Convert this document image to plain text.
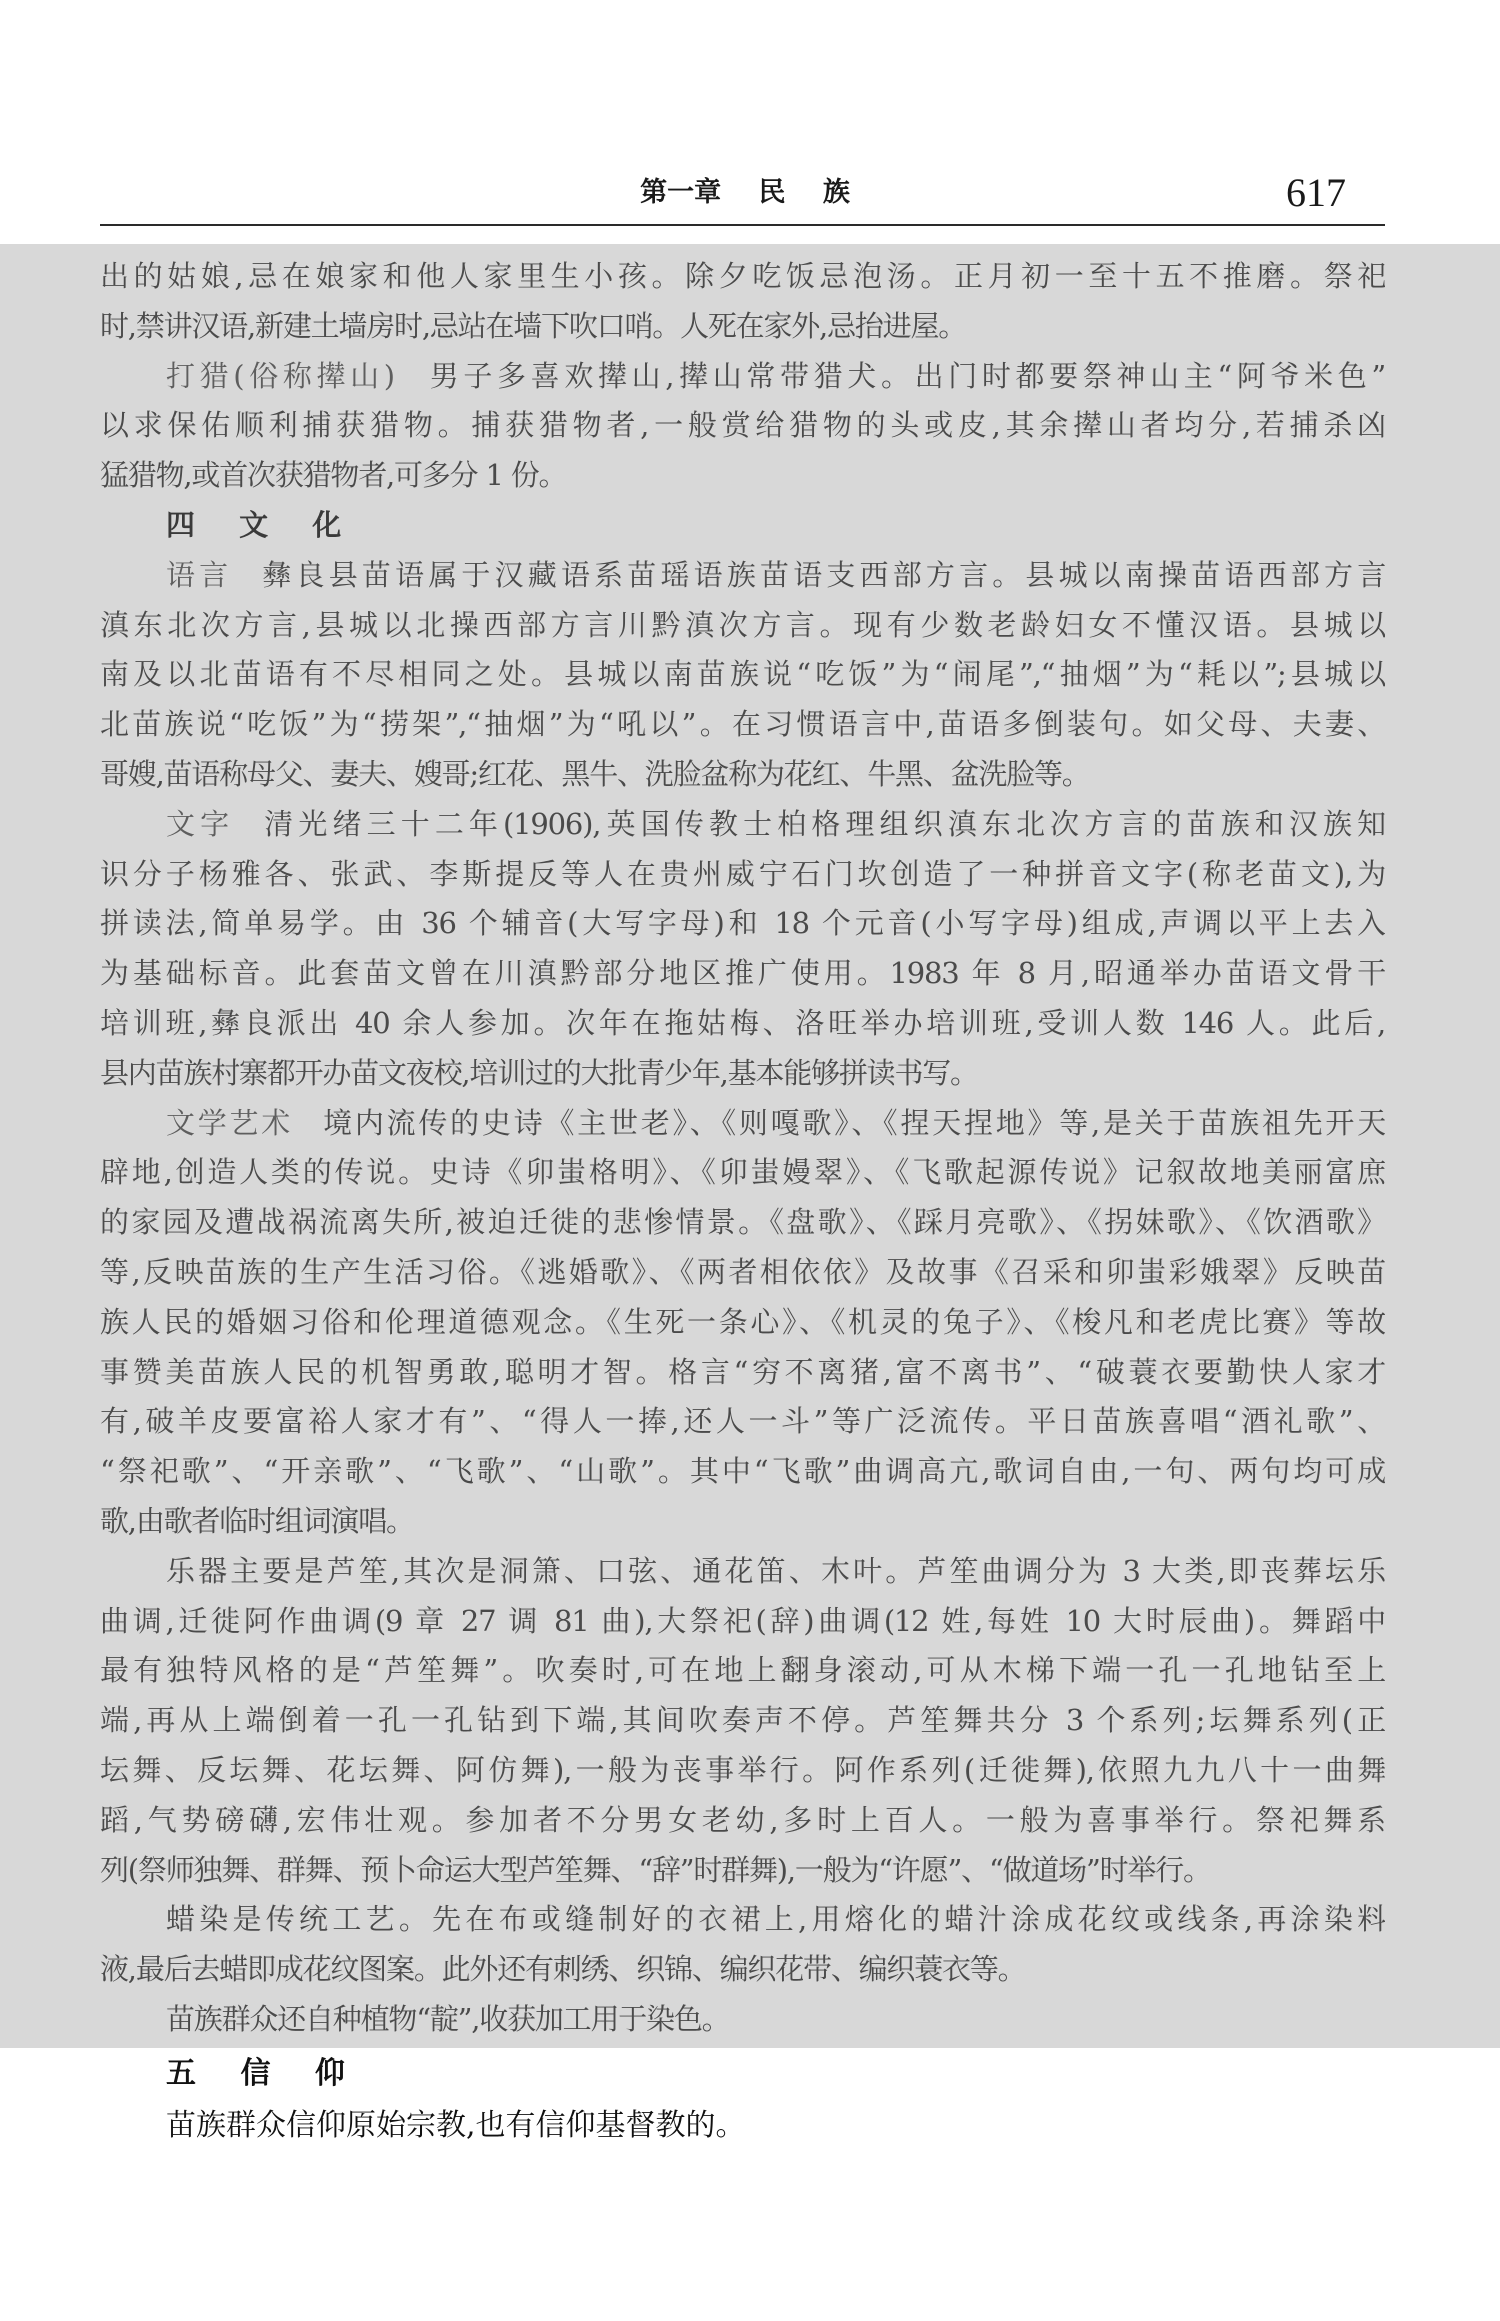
第一章 民 族	617
出的姑娘,忌在娘家和他人家里生小孩。除夕吃饭忌泡汤。正月初一至十五不推磨。祭祀
时,禁讲汉语,新建土墙房时,忌站在墙下吹口哨。人死在家外,忌抬进屋。
打猎(俗称撵山) 男子多喜欢撵山,撵山常带猎犬。出门时都要祭神山主“阿爷米色”
以求保佑顺利捕获猎物。捕获猎物者,一般赏给猎物的头或皮,其余撵山者均分,若捕杀凶
猛猎物,或首次获猎物者,可多分 1 份。
四 文 化
语言 彝良县苗语属于汉藏语系苗瑶语族苗语支西部方言。县城以南操苗语西部方言
滇东北次方言,县城以北操西部方言川黔滇次方言。现有少数老龄妇女不懂汉语。县城以
南及以北苗语有不尽相同之处。县城以南苗族说“吃饭”为“闹尾”,“抽烟”为“耗以”;县城以
北苗族说“吃饭”为“捞架”,“抽烟”为“吼以”。在习惯语言中,苗语多倒装句。如父母、夫妻、
哥嫂,苗语称母父、妻夫、嫂哥;红花、黑牛、洗脸盆称为花红、牛黑、盆洗脸等。
文字 清光绪三十二年(1906),英国传教士柏格理组织滇东北次方言的苗族和汉族知
识分子杨雅各、张武、李斯提反等人在贵州威宁石门坎创造了一种拼音文字(称老苗文),为
拼读法,简单易学。由 36 个辅音(大写字母)和 18 个元音(小写字母)组成,声调以平上去入
为基础标音。此套苗文曾在川滇黔部分地区推广使用。1983 年 8 月,昭通举办苗语文骨干
培训班,彝良派出 40 余人参加。次年在拖姑梅、洛旺举办培训班,受训人数 146 人。此后,
县内苗族村寨都开办苗文夜校,培训过的大批青少年,基本能够拼读书写。
文学艺术 境内流传的史诗《主世老》、《则嘎歌》、《捏天捏地》等,是关于苗族祖先开天
辟地,创造人类的传说。史诗《卯蚩格明》、《卯蚩嫚翠》、《飞歌起源传说》记叙故地美丽富庶
的家园及遭战祸流离失所,被迫迁徙的悲惨情景。《盘歌》、《踩月亮歌》、《拐妹歌》、《饮酒歌》
等,反映苗族的生产生活习俗。《逃婚歌》、《两者相依依》及故事《召采和卯蚩彩娥翠》反映苗
族人民的婚姻习俗和伦理道德观念。《生死一条心》、《机灵的兔子》、《梭凡和老虎比赛》等故
事赞美苗族人民的机智勇敢,聪明才智。格言“穷不离猪,富不离书”、“破蓑衣要勤快人家才
有,破羊皮要富裕人家才有”、“得人一捧,还人一斗”等广泛流传。平日苗族喜唱“酒礼歌”、
“祭祀歌”、“开亲歌”、“飞歌”、“山歌”。其中“飞歌”曲调高亢,歌词自由,一句、两句均可成
歌,由歌者临时组词演唱。
乐器主要是芦笙,其次是洞箫、口弦、通花笛、木叶。芦笙曲调分为 3 大类,即丧葬坛乐
曲调,迁徙阿作曲调(9 章 27 调 81 曲),大祭祀(辞)曲调(12 姓,每姓 10 大时辰曲)。舞蹈中
最有独特风格的是“芦笙舞”。吹奏时,可在地上翻身滚动,可从木梯下端一孔一孔地钻至上
端,再从上端倒着一孔一孔钻到下端,其间吹奏声不停。芦笙舞共分 3 个系列;坛舞系列(正
坛舞、反坛舞、花坛舞、阿仿舞),一般为丧事举行。阿作系列(迁徙舞),依照九九八十一曲舞
蹈,气势磅礴,宏伟壮观。参加者不分男女老幼,多时上百人。一般为喜事举行。祭祀舞系
列(祭师独舞、群舞、预卜命运大型芦笙舞、“辞”时群舞),一般为“许愿”、“做道场”时举行。
蜡染是传统工艺。先在布或缝制好的衣裙上,用熔化的蜡汁涂成花纹或线条,再涂染料
液,最后去蜡即成花纹图案。此外还有刺绣、织锦、编织花带、编织蓑衣等。
苗族群众还自种植物“靛”,收获加工用于染色。
五 信 仰
苗族群众信仰原始宗教,也有信仰基督教的。
